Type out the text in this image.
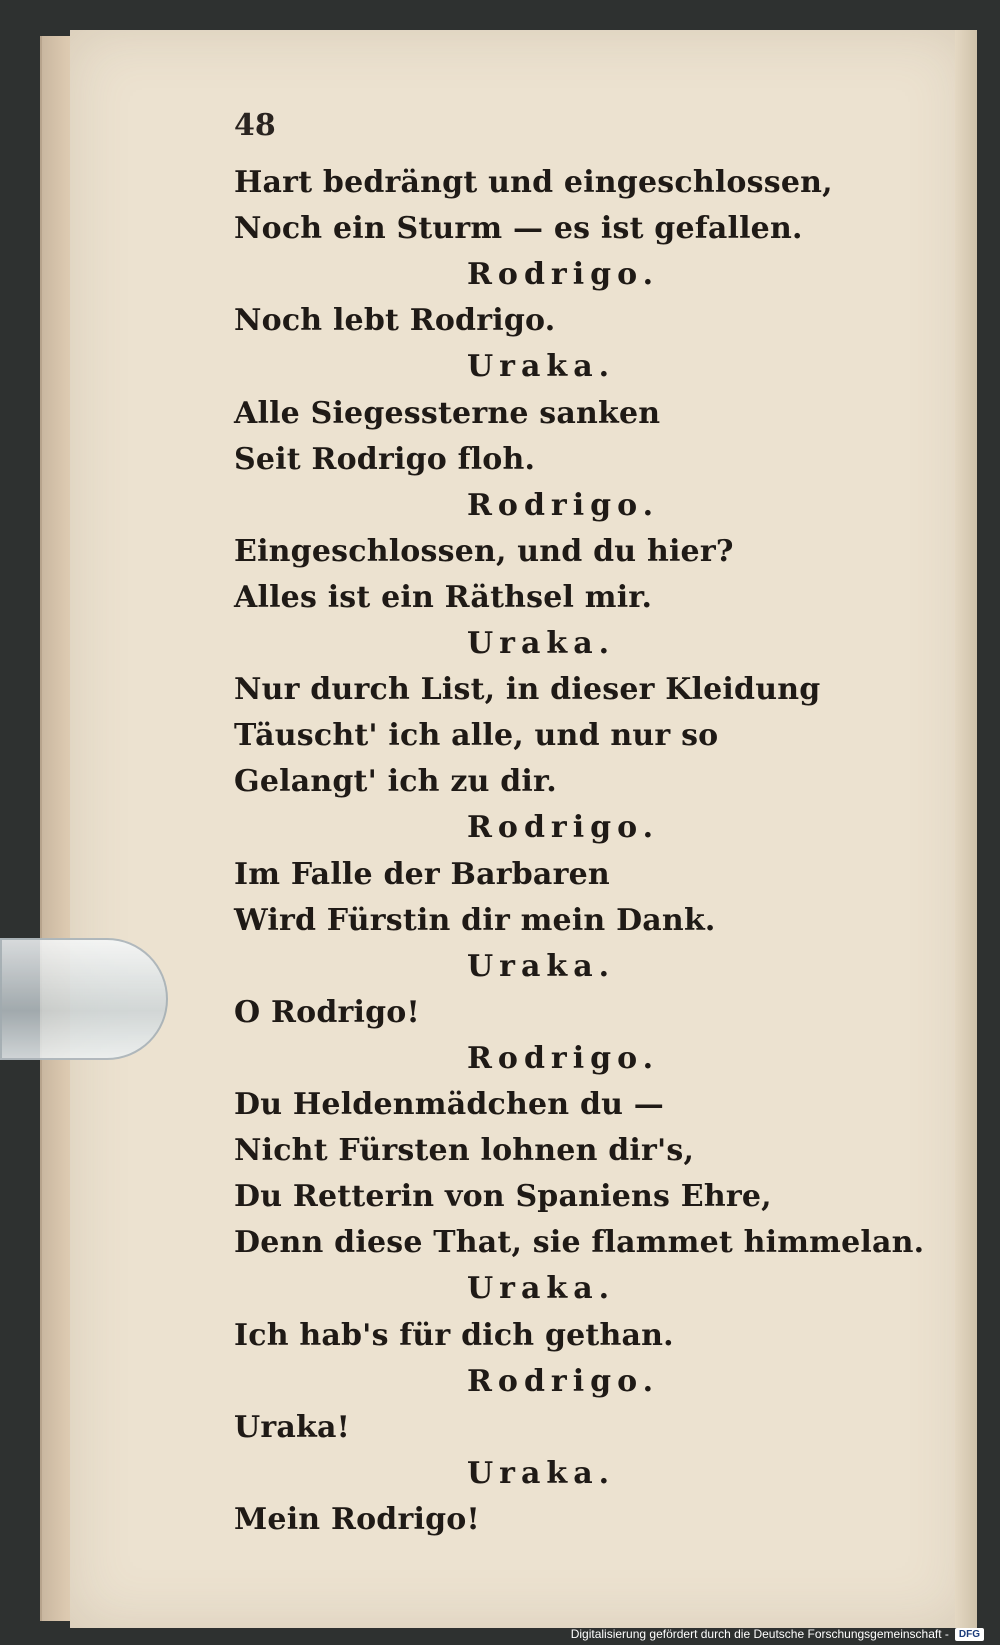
48
Hart bedrängt und eingeschlossen,
Noch ein Sturm — es ist gefallen.
Rodrigo.
Noch lebt Rodrigo.
Uraka.
Alle Siegessterne sanken
Seit Rodrigo floh.
Rodrigo.
Eingeschlossen, und du hier?
Alles ist ein Räthsel mir.
Uraka.
Nur durch List, in dieser Kleidung
Täuscht' ich alle, und nur so
Gelangt' ich zu dir.
Rodrigo.
Im Falle der Barbaren
Wird Fürstin dir mein Dank.
Uraka.
O Rodrigo!
Rodrigo.
Du Heldenmädchen du —
Nicht Fürsten lohnen dir's,
Du Retterin von Spaniens Ehre,
Denn diese That, sie flammet himmelan.
Uraka.
Ich hab's für dich gethan.
Rodrigo.
Uraka!
Uraka.
Mein Rodrigo!
Digitalisierung gefördert durch die Deutsche Forschungsgemeinschaft -	DFG
